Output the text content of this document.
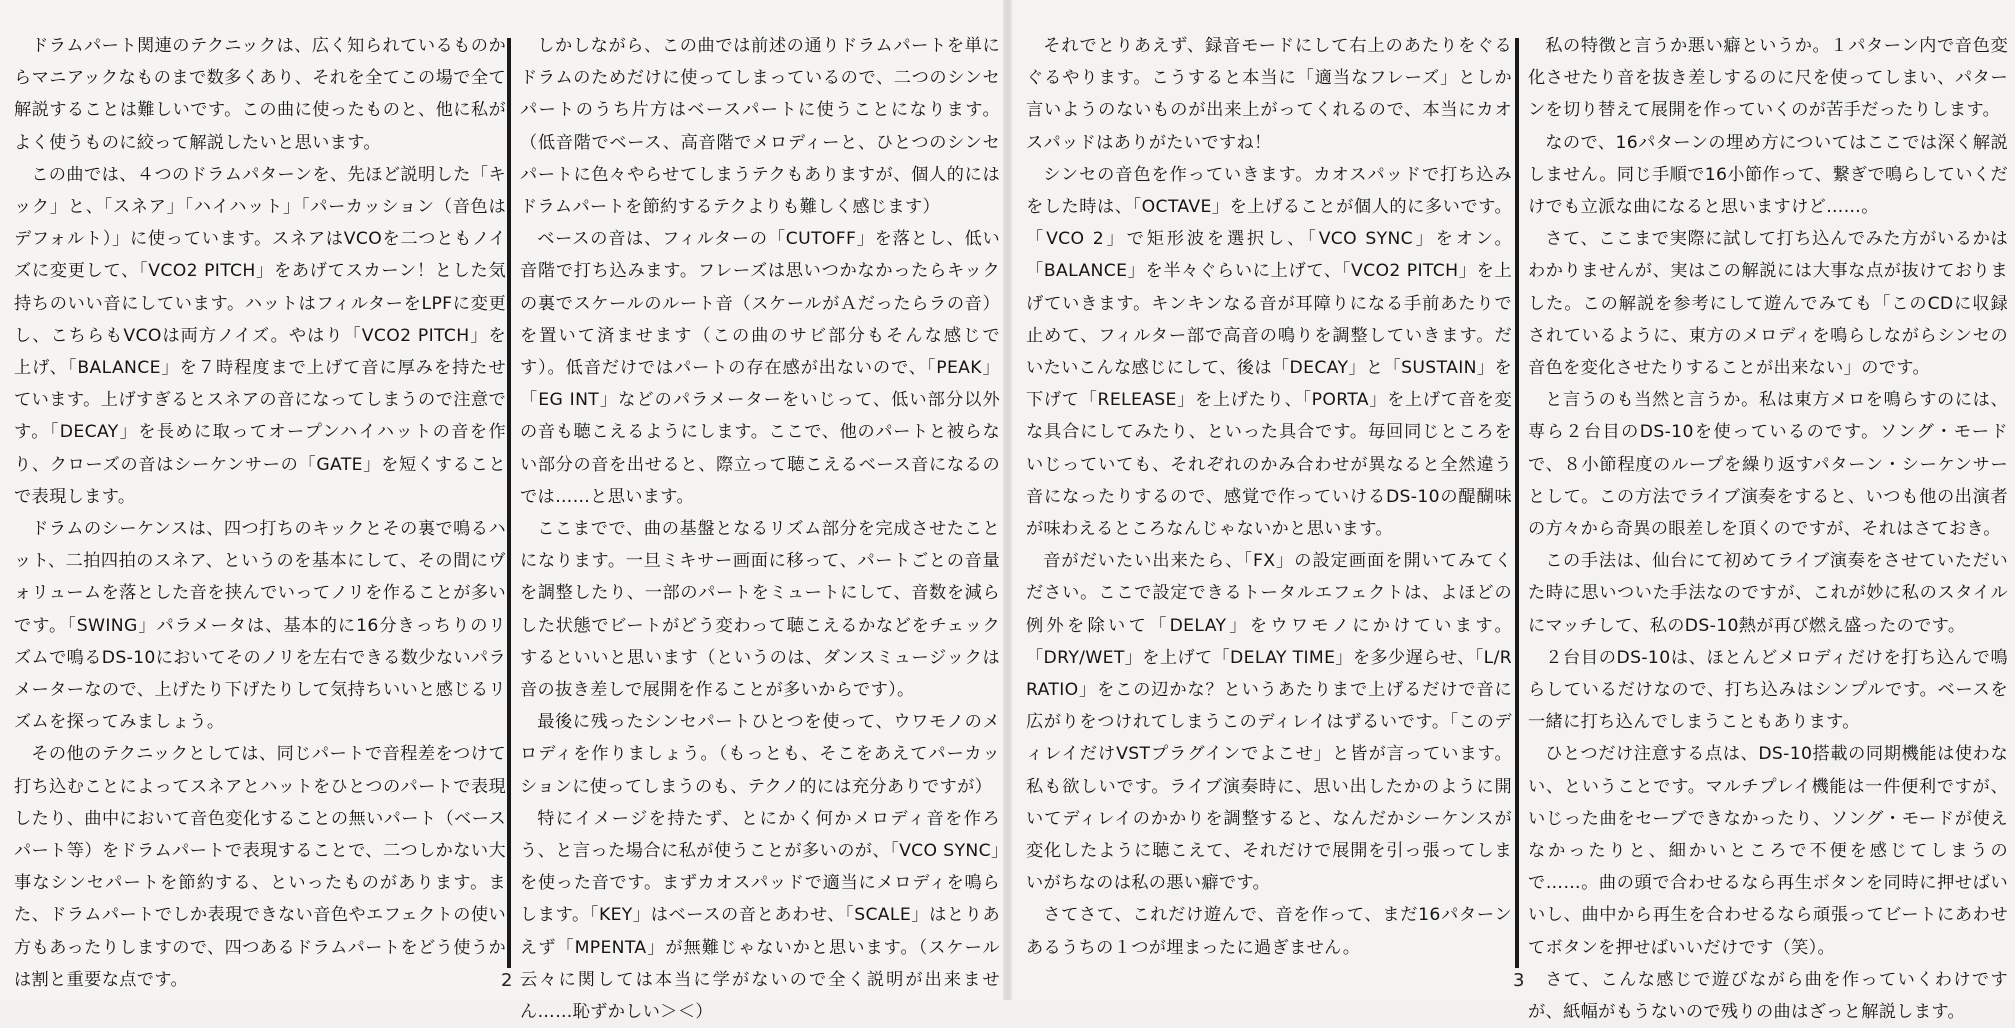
ドラムパート関連のテクニックは、広く知られているものからマニアックなものまで数多くあり、それを全てこの場で全て解説することは難しいです。この曲に使ったものと、他に私がよく使うものに絞って解説したいと思います。

この曲では、４つのドラムパターンを、先ほど説明した「キック」と、「スネア」「ハイハット」「パーカッション（音色はデフォルト）」に使っています。スネアはVCOを二つともノイズに変更して、「VCO2 PITCH」をあげてスカーン！とした気持ちのいい音にしています。ハットはフィルターをLPFに変更し、こちらもVCOは両方ノイズ。やはり「VCO2 PITCH」を上げ、「BALANCE」を７時程度まで上げて音に厚みを持たせています。上げすぎるとスネアの音になってしまうので注意です。「DECAY」を長めに取ってオープンハイハットの音を作り、クローズの音はシーケンサーの「GATE」を短くすることで表現します。

ドラムのシーケンスは、四つ打ちのキックとその裏で鳴るハット、二拍四拍のスネア、というのを基本にして、その間にヴォリュームを落とした音を挟んでいってノリを作ることが多いです。「SWING」パラメータは、基本的に16分きっちりのリズムで鳴るDS-10においてそのノリを左右できる数少ないパラメーターなので、上げたり下げたりして気持ちいいと感じるリズムを探ってみましょう。

その他のテクニックとしては、同じパートで音程差をつけて打ち込むことによってスネアとハットをひとつのパートで表現したり、曲中において音色変化することの無いパート（ベースパート等）をドラムパートで表現することで、二つしかない大事なシンセパートを節約する、といったものがあります。また、ドラムパートでしか表現できない音色やエフェクトの使い方もあったりしますので、四つあるドラムパートをどう使うかは割と重要な点です。

しかしながら、この曲では前述の通りドラムパートを単にドラムのためだけに使ってしまっているので、二つのシンセパートのうち片方はベースパートに使うことになります。（低音階でベース、高音階でメロディーと、ひとつのシンセパートに色々やらせてしまうテクもありますが、個人的にはドラムパートを節約するテクよりも難しく感じます）

ベースの音は、フィルターの「CUTOFF」を落とし、低い音階で打ち込みます。フレーズは思いつかなかったらキックの裏でスケールのルート音（スケールがＡだったらラの音）を置いて済ませます（この曲のサビ部分もそんな感じです）。低音だけではパートの存在感が出ないので、「PEAK」「EG INT」などのパラメーターをいじって、低い部分以外の音も聴こえるようにします。ここで、他のパートと被らない部分の音を出せると、際立って聴こえるベース音になるのでは……と思います。

ここまでで、曲の基盤となるリズム部分を完成させたことになります。一旦ミキサー画面に移って、パートごとの音量を調整したり、一部のパートをミュートにして、音数を減らした状態でビートがどう変わって聴こえるかなどをチェックするといいと思います（というのは、ダンスミュージックは音の抜き差しで展開を作ることが多いからです）。

最後に残ったシンセパートひとつを使って、ウワモノのメロディを作りましょう。（もっとも、そこをあえてパーカッションに使ってしまうのも、テクノ的には充分ありですが）

特にイメージを持たず、とにかく何かメロディ音を作ろう、と言った場合に私が使うことが多いのが、「VCO SYNC」を使った音です。まずカオスパッドで適当にメロディを鳴らします。「KEY」はベースの音とあわせ、「SCALE」はとりあえず「MPENTA」が無難じゃないかと思います。（スケール云々に関しては本当に学がないので全く説明が出来ません……恥ずかしい＞＜）

2

それでとりあえず、録音モードにして右上のあたりをぐるぐるやります。こうすると本当に「適当なフレーズ」としか言いようのないものが出来上がってくれるので、本当にカオスパッドはありがたいですね！

シンセの音色を作っていきます。カオスパッドで打ち込みをした時は、「OCTAVE」を上げることが個人的に多いです。「VCO 2」で矩形波を選択し、「VCO SYNC」をオン。「BALANCE」を半々ぐらいに上げて、「VCO2 PITCH」を上げていきます。キンキンなる音が耳障りになる手前あたりで止めて、フィルター部で高音の鳴りを調整していきます。だいたいこんな感じにして、後は「DECAY」と「SUSTAIN」を下げて「RELEASE」を上げたり、「PORTA」を上げて音を変な具合にしてみたり、といった具合です。毎回同じところをいじっていても、それぞれのかみ合わせが異なると全然違う音になったりするので、感覚で作っていけるDS-10の醍醐味が味わえるところなんじゃないかと思います。

音がだいたい出来たら、「FX」の設定画面を開いてみてください。ここで設定できるトータルエフェクトは、よほどの例外を除いて「DELAY」をウワモノにかけています。「DRY/WET」を上げて「DELAY TIME」を多少遅らせ、「L/R RATIO」をこの辺かな？というあたりまで上げるだけで音に広がりをつけれてしまうこのディレイはずるいです。「このディレイだけVSTプラグインでよこせ」と皆が言っています。私も欲しいです。ライブ演奏時に、思い出したかのように開いてディレイのかかりを調整すると、なんだかシーケンスが変化したように聴こえて、それだけで展開を引っ張ってしまいがちなのは私の悪い癖です。

さてさて、これだけ遊んで、音を作って、まだ16パターンあるうちの１つが埋まったに過ぎません。

私の特徴と言うか悪い癖というか。１パターン内で音色変化させたり音を抜き差しするのに尺を使ってしまい、パターンを切り替えて展開を作っていくのが苦手だったりします。

なので、16パターンの埋め方についてはここでは深く解説しません。同じ手順で16小節作って、繋ぎで鳴らしていくだけでも立派な曲になると思いますけど……。

さて、ここまで実際に試して打ち込んでみた方がいるかはわかりませんが、実はこの解説には大事な点が抜けておりました。この解説を参考にして遊んでみても「このCDに収録されているように、東方のメロディを鳴らしながらシンセの音色を変化させたりすることが出来ない」のです。

と言うのも当然と言うか。私は東方メロを鳴らすのには、専ら２台目のDS-10を使っているのです。ソング・モードで、８小節程度のループを繰り返すパターン・シーケンサーとして。この方法でライブ演奏をすると、いつも他の出演者の方々から奇異の眼差しを頂くのですが、それはさておき。

この手法は、仙台にて初めてライブ演奏をさせていただいた時に思いついた手法なのですが、これが妙に私のスタイルにマッチして、私のDS-10熱が再び燃え盛ったのです。

２台目のDS-10は、ほとんどメロディだけを打ち込んで鳴らしているだけなので、打ち込みはシンプルです。ベースを一緒に打ち込んでしまうこともあります。

ひとつだけ注意する点は、DS-10搭載の同期機能は使わない、ということです。マルチプレイ機能は一件便利ですが、いじった曲をセーブできなかったり、ソング・モードが使えなかったりと、細かいところで不便を感じてしまうので……。曲の頭で合わせるなら再生ボタンを同時に押せばいいし、曲中から再生を合わせるなら頑張ってビートにあわせてボタンを押せばいいだけです（笑）。

さて、こんな感じで遊びながら曲を作っていくわけですが、紙幅がもうないので残りの曲はざっと解説します。

3
